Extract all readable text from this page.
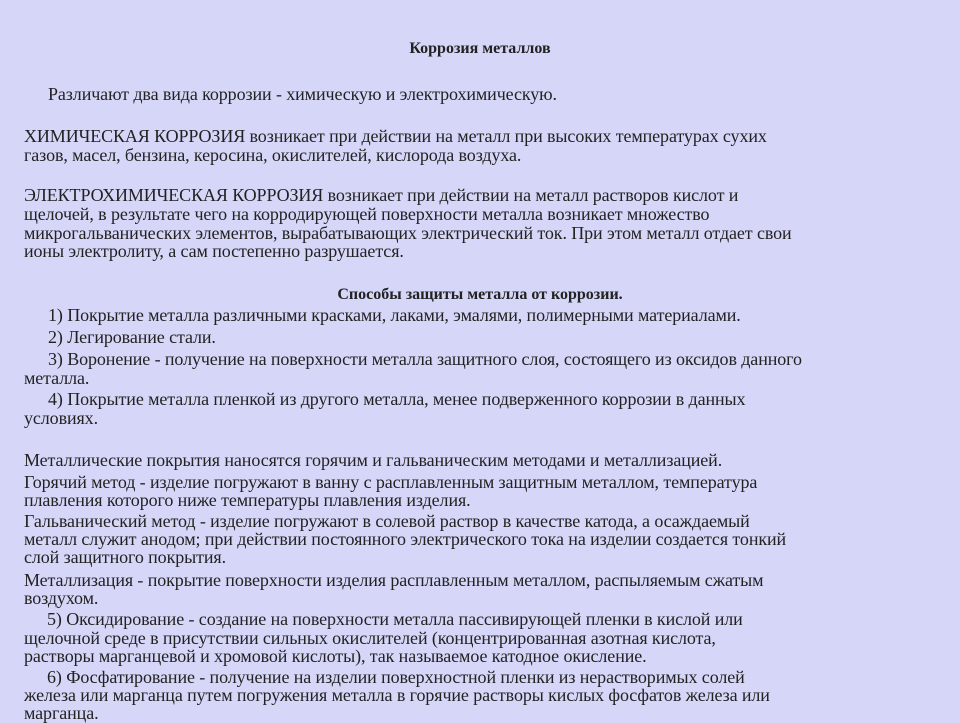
Коррозия металлов
Различают два вида коррозии - химическую и электрохимическую.
ХИМИЧЕСКАЯ КОРРОЗИЯ возникает при действии на металл при высоких температурах сухих
газов, масел, бензина, керосина, окислителей, кислорода воздуха.
ЭЛЕКТРОХИМИЧЕСКАЯ КОРРОЗИЯ возникает при действии на металл растворов кислот и
щелочей, в результате чего на корродирующей поверхности металла возникает множество
микрогальванических элементов, вырабатывающих электрический ток. При этом металл отдает свои
ионы электролиту, а сам постепенно разрушается.
Способы защиты металла от коррозии.
1) Покрытие металла различными красками, лаками, эмалями, полимерными материалами.
2) Легирование стали.
3) Воронение - получение на поверхности металла защитного слоя, состоящего из оксидов данного
металла.
4) Покрытие металла пленкой из другого металла, менее подверженного коррозии в данных
условиях.
Металлические покрытия наносятся горячим и гальваническим методами и металлизацией.
Горячий метод - изделие погружают в ванну с расплавленным защитным металлом, температура
плавления которого ниже температуры плавления изделия.
Гальванический метод - изделие погружают в солевой раствор в качестве катода, а осаждаемый
металл служит анодом; при действии постоянного электрического тока на изделии создается тонкий
слой защитного покрытия.
Металлизация - покрытие поверхности изделия расплавленным металлом, распыляемым сжатым
воздухом.
5) Оксидирование - создание на поверхности металла пассивирующей пленки в кислой или
щелочной среде в присутствии сильных окислителей (концентрированная азотная кислота,
растворы марганцевой и хромовой кислоты), так называемое катодное окисление.
6) Фосфатирование - получение на изделии поверхностной пленки из нерастворимых солей
железа или марганца путем погружения металла в горячие растворы кислых фосфатов железа или
марганца.
